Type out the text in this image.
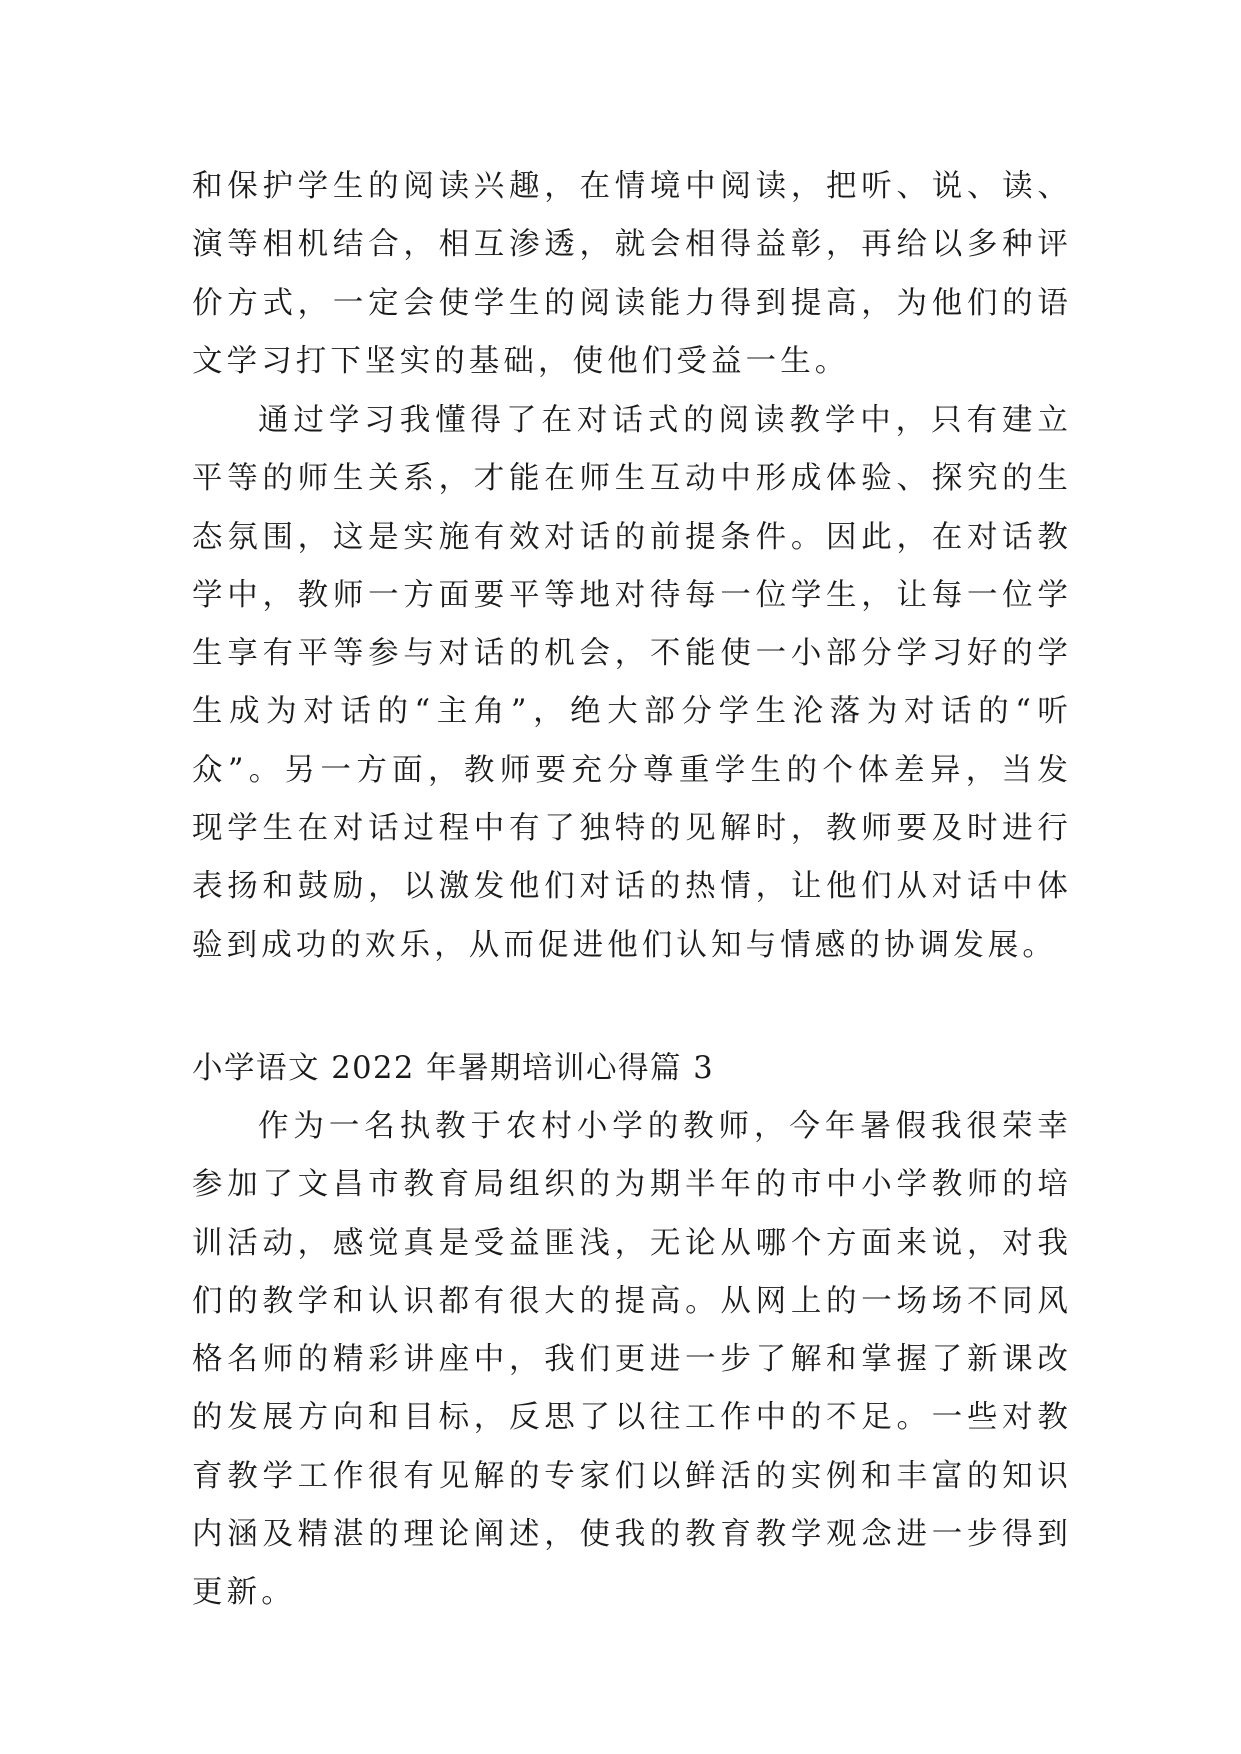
和保护学生的阅读兴趣，在情境中阅读，把听、说、读、演等相机结合，相互渗透，就会相得益彰，再给以多种评价方式，一定会使学生的阅读能力得到提高，为他们的语文学习打下坚实的基础，使他们受益一生。

通过学习我懂得了在对话式的阅读教学中，只有建立平等的师生关系，才能在师生互动中形成体验、探究的生态氛围，这是实施有效对话的前提条件。因此，在对话教学中，教师一方面要平等地对待每一位学生，让每一位学生享有平等参与对话的机会，不能使一小部分学习好的学生成为对话的“主角”，绝大部分学生沦落为对话的“听众”。另一方面，教师要充分尊重学生的个体差异，当发现学生在对话过程中有了独特的见解时，教师要及时进行表扬和鼓励，以激发他们对话的热情，让他们从对话中体验到成功的欢乐，从而促进他们认知与情感的协调发展。

小学语文 2022 年暑期培训心得篇 3

作为一名执教于农村小学的教师，今年暑假我很荣幸参加了文昌市教育局组织的为期半年的市中小学教师的培训活动，感觉真是受益匪浅，无论从哪个方面来说，对我们的教学和认识都有很大的提高。从网上的一场场不同风格名师的精彩讲座中，我们更进一步了解和掌握了新课改的发展方向和目标，反思了以往工作中的不足。一些对教育教学工作很有见解的专家们以鲜活的实例和丰富的知识内涵及精湛的理论阐述，使我的教育教学观念进一步得到更新。
